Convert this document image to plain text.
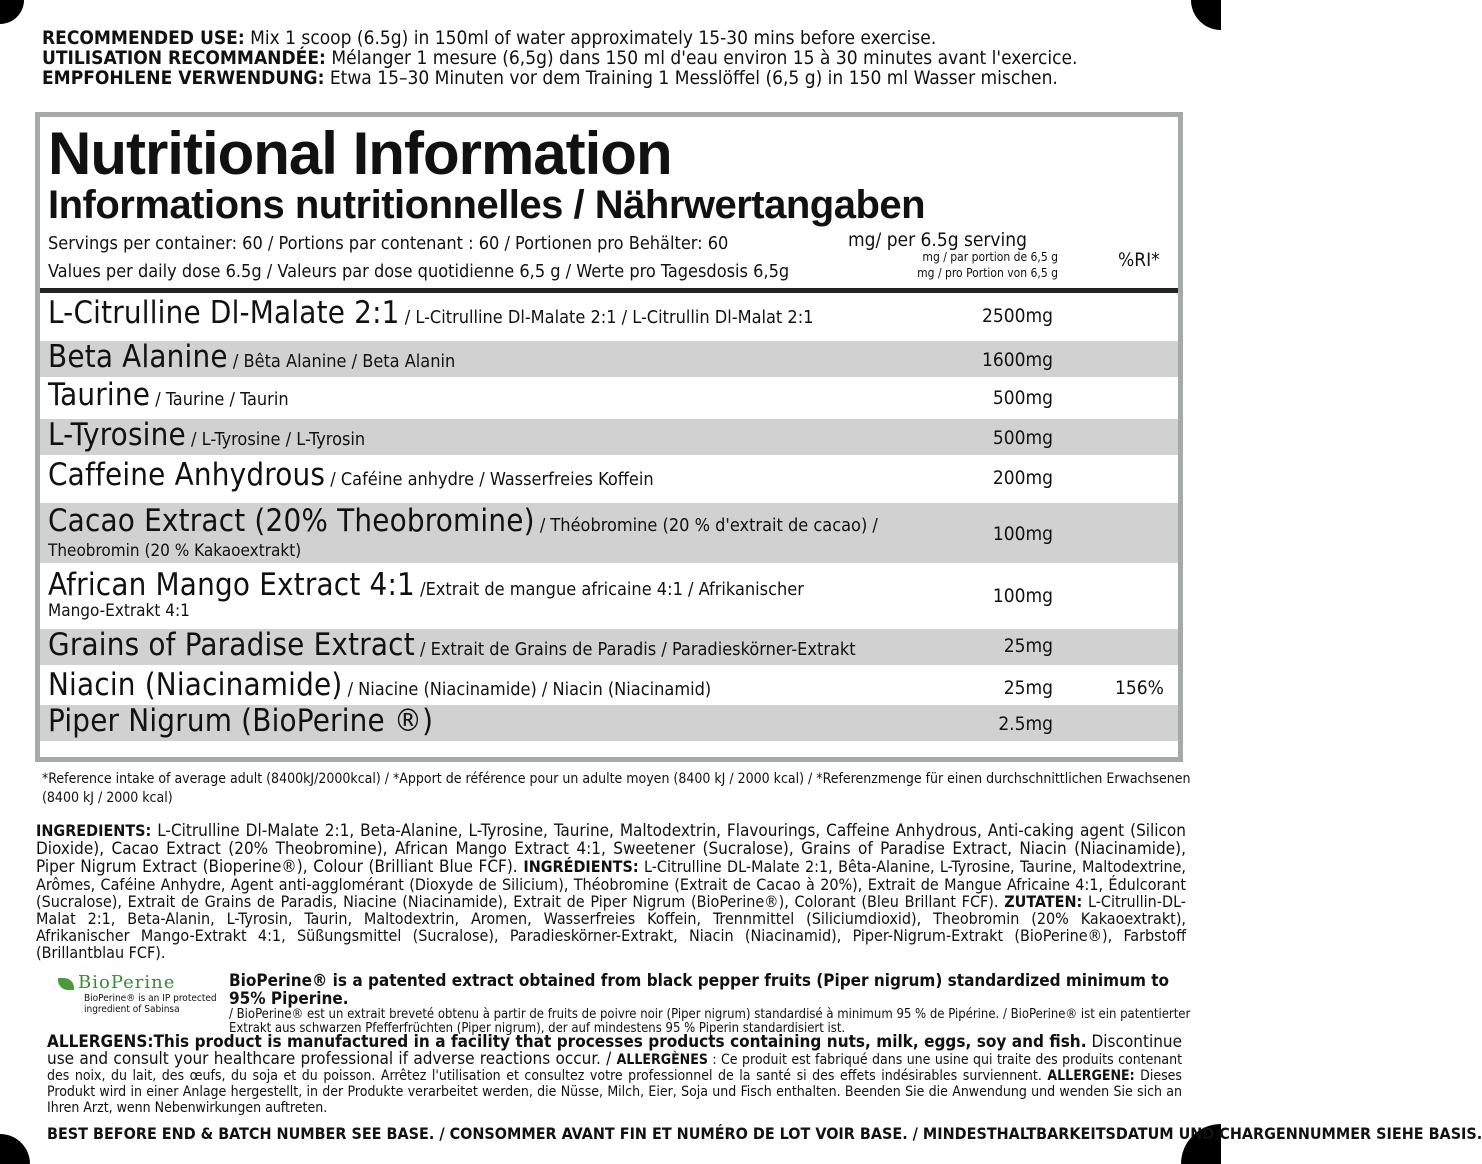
RECOMMENDED USE: Mix 1 scoop (6.5g) in 150ml of water approximately 15-30 mins before exercise.
UTILISATION RECOMMANDÉE: Mélanger 1 mesure (6,5g) dans 150 ml d'eau environ 15 à 30 minutes avant l'exercice. EMPFOHLENE VERWENDUNG: Etwa 15–30 Minuten vor dem Training 1 Messlöffel (6,5 g) in 150 ml Wasser mischen.
Nutritional Information
Informations nutritionnelles / Nährwertangaben
Servings per container: 60 / Portions par contenant : 60 / Portionen pro Behälter: 60
Values per daily dose 6.5g / Valeurs par dose quotidienne 6,5 g / Werte pro Tagesdosis 6,5g
mg/ per 6.5g serving
mg / par portion de 6,5 g
mg / pro Portion von 6,5 g
%RI*
L-Citrulline Dl-Malate 2:1 / L-Citrulline Dl-Malate 2:1 / L-Citrullin Dl-Malat 2:1	2500mg
Beta Alanine / Bêta Alanine / Beta Alanin	1600mg
Taurine / Taurine / Taurin	500mg
L-Tyrosine / L-Tyrosine / L-Tyrosin	500mg
Caffeine Anhydrous / Caféine anhydre / Wasserfreies Koffein	200mg
Cacao Extract (20% Theobromine) / Théobromine (20 % d'extrait de cacao) /
Theobromin (20 % Kakaoextrakt)
100mg
African Mango Extract 4:1 /Extrait de mangue africaine 4:1 / Afrikanischer
Mango-Extrakt 4:1
100mg
Grains of Paradise Extract / Extrait de Grains de Paradis / Paradieskörner-Extrakt	25mg
Niacin (Niacinamide) / Niacine (Niacinamide) / Niacin (Niacinamid)	25mg	156%
Piper Nigrum (BioPerine ®)	2.5mg
*Reference intake of average adult (8400kJ/2000kcal) / *Apport de référence pour un adulte moyen (8400 kJ / 2000 kcal) / *Referenzmenge für einen durchschnittlichen Erwachsenen (8400 kJ / 2000 kcal)
INGREDIENTS: L-Citrulline Dl-Malate 2:1, Beta-Alanine, L-Tyrosine, Taurine, Maltodextrin, Flavourings, Caffeine Anhydrous, Anti-caking agent (Silicon Dioxide), Cacao Extract (20% Theobromine), African Mango Extract 4:1, Sweetener (Sucralose), Grains of Paradise Extract, Niacin (Niacinamide), Piper Nigrum Extract (Bioperine®), Colour (Brilliant Blue FCF). INGRÉDIENTS: L-Citrulline DL-Malate 2:1, Bêta-Alanine, L-Tyrosine, Taurine, Maltodextrine, Arômes, Caféine Anhydre, Agent anti-agglomérant (Dioxyde de Silicium), Théobromine (Extrait de Cacao à 20%), Extrait de Mangue Africaine 4:1, Édulcorant (Sucralose), Extrait de Grains de Paradis, Niacine (Niacinamide), Extrait de Piper Nigrum (BioPerine®), Colorant (Bleu Brillant FCF). ZUTATEN: L-Citrullin-DL-Malat 2:1, Beta-Alanin, L-Tyrosin, Taurin, Maltodextrin, Aromen, Wasserfreies Koffein, Trennmittel (Siliciumdioxid), Theobromin (20% Kakaoextrakt), Afrikanischer Mango-Extrakt 4:1, Süßungsmittel (Sucralose), Paradieskörner-Extrakt, Niacin (Niacinamid), Piper-Nigrum-Extrakt (BioPerine®), Farbstoff (Brillantblau FCF).
BioPerine
BioPerine® is an IP protected ingredient of Sabinsa
BioPerine® is a patented extract obtained from black pepper fruits (Piper nigrum) standardized minimum to 95% Piperine.
/ BioPerine® est un extrait breveté obtenu à partir de fruits de poivre noir (Piper nigrum) standardisé à minimum 95 % de Pipérine. / BioPerine® ist ein patentierter Extrakt aus schwarzen Pfefferfrüchten (Piper nigrum), der auf mindestens 95 % Piperin standardisiert ist.
ALLERGENS:This product is manufactured in a facility that processes products containing nuts, milk, eggs, soy and fish. Discontinue use and consult your healthcare professional if adverse reactions occur. / ALLERGÈNES : Ce produit est fabriqué dans une usine qui traite des produits contenant des noix, du lait, des œufs, du soja et du poisson. Arrêtez l'utilisation et consultez votre professionnel de la santé si des effets indésirables surviennent. ALLERGENE: Dieses Produkt wird in einer Anlage hergestellt, in der Produkte verarbeitet werden, die Nüsse, Milch, Eier, Soja und Fisch enthalten. Beenden Sie die Anwendung und wenden Sie sich an Ihren Arzt, wenn Nebenwirkungen auftreten.
BEST BEFORE END & BATCH NUMBER SEE BASE. / CONSOMMER AVANT FIN ET NUMÉRO DE LOT VOIR BASE. / MINDESTHALTBARKEITSDATUM UND CHARGENNUMMER SIEHE BASIS.
